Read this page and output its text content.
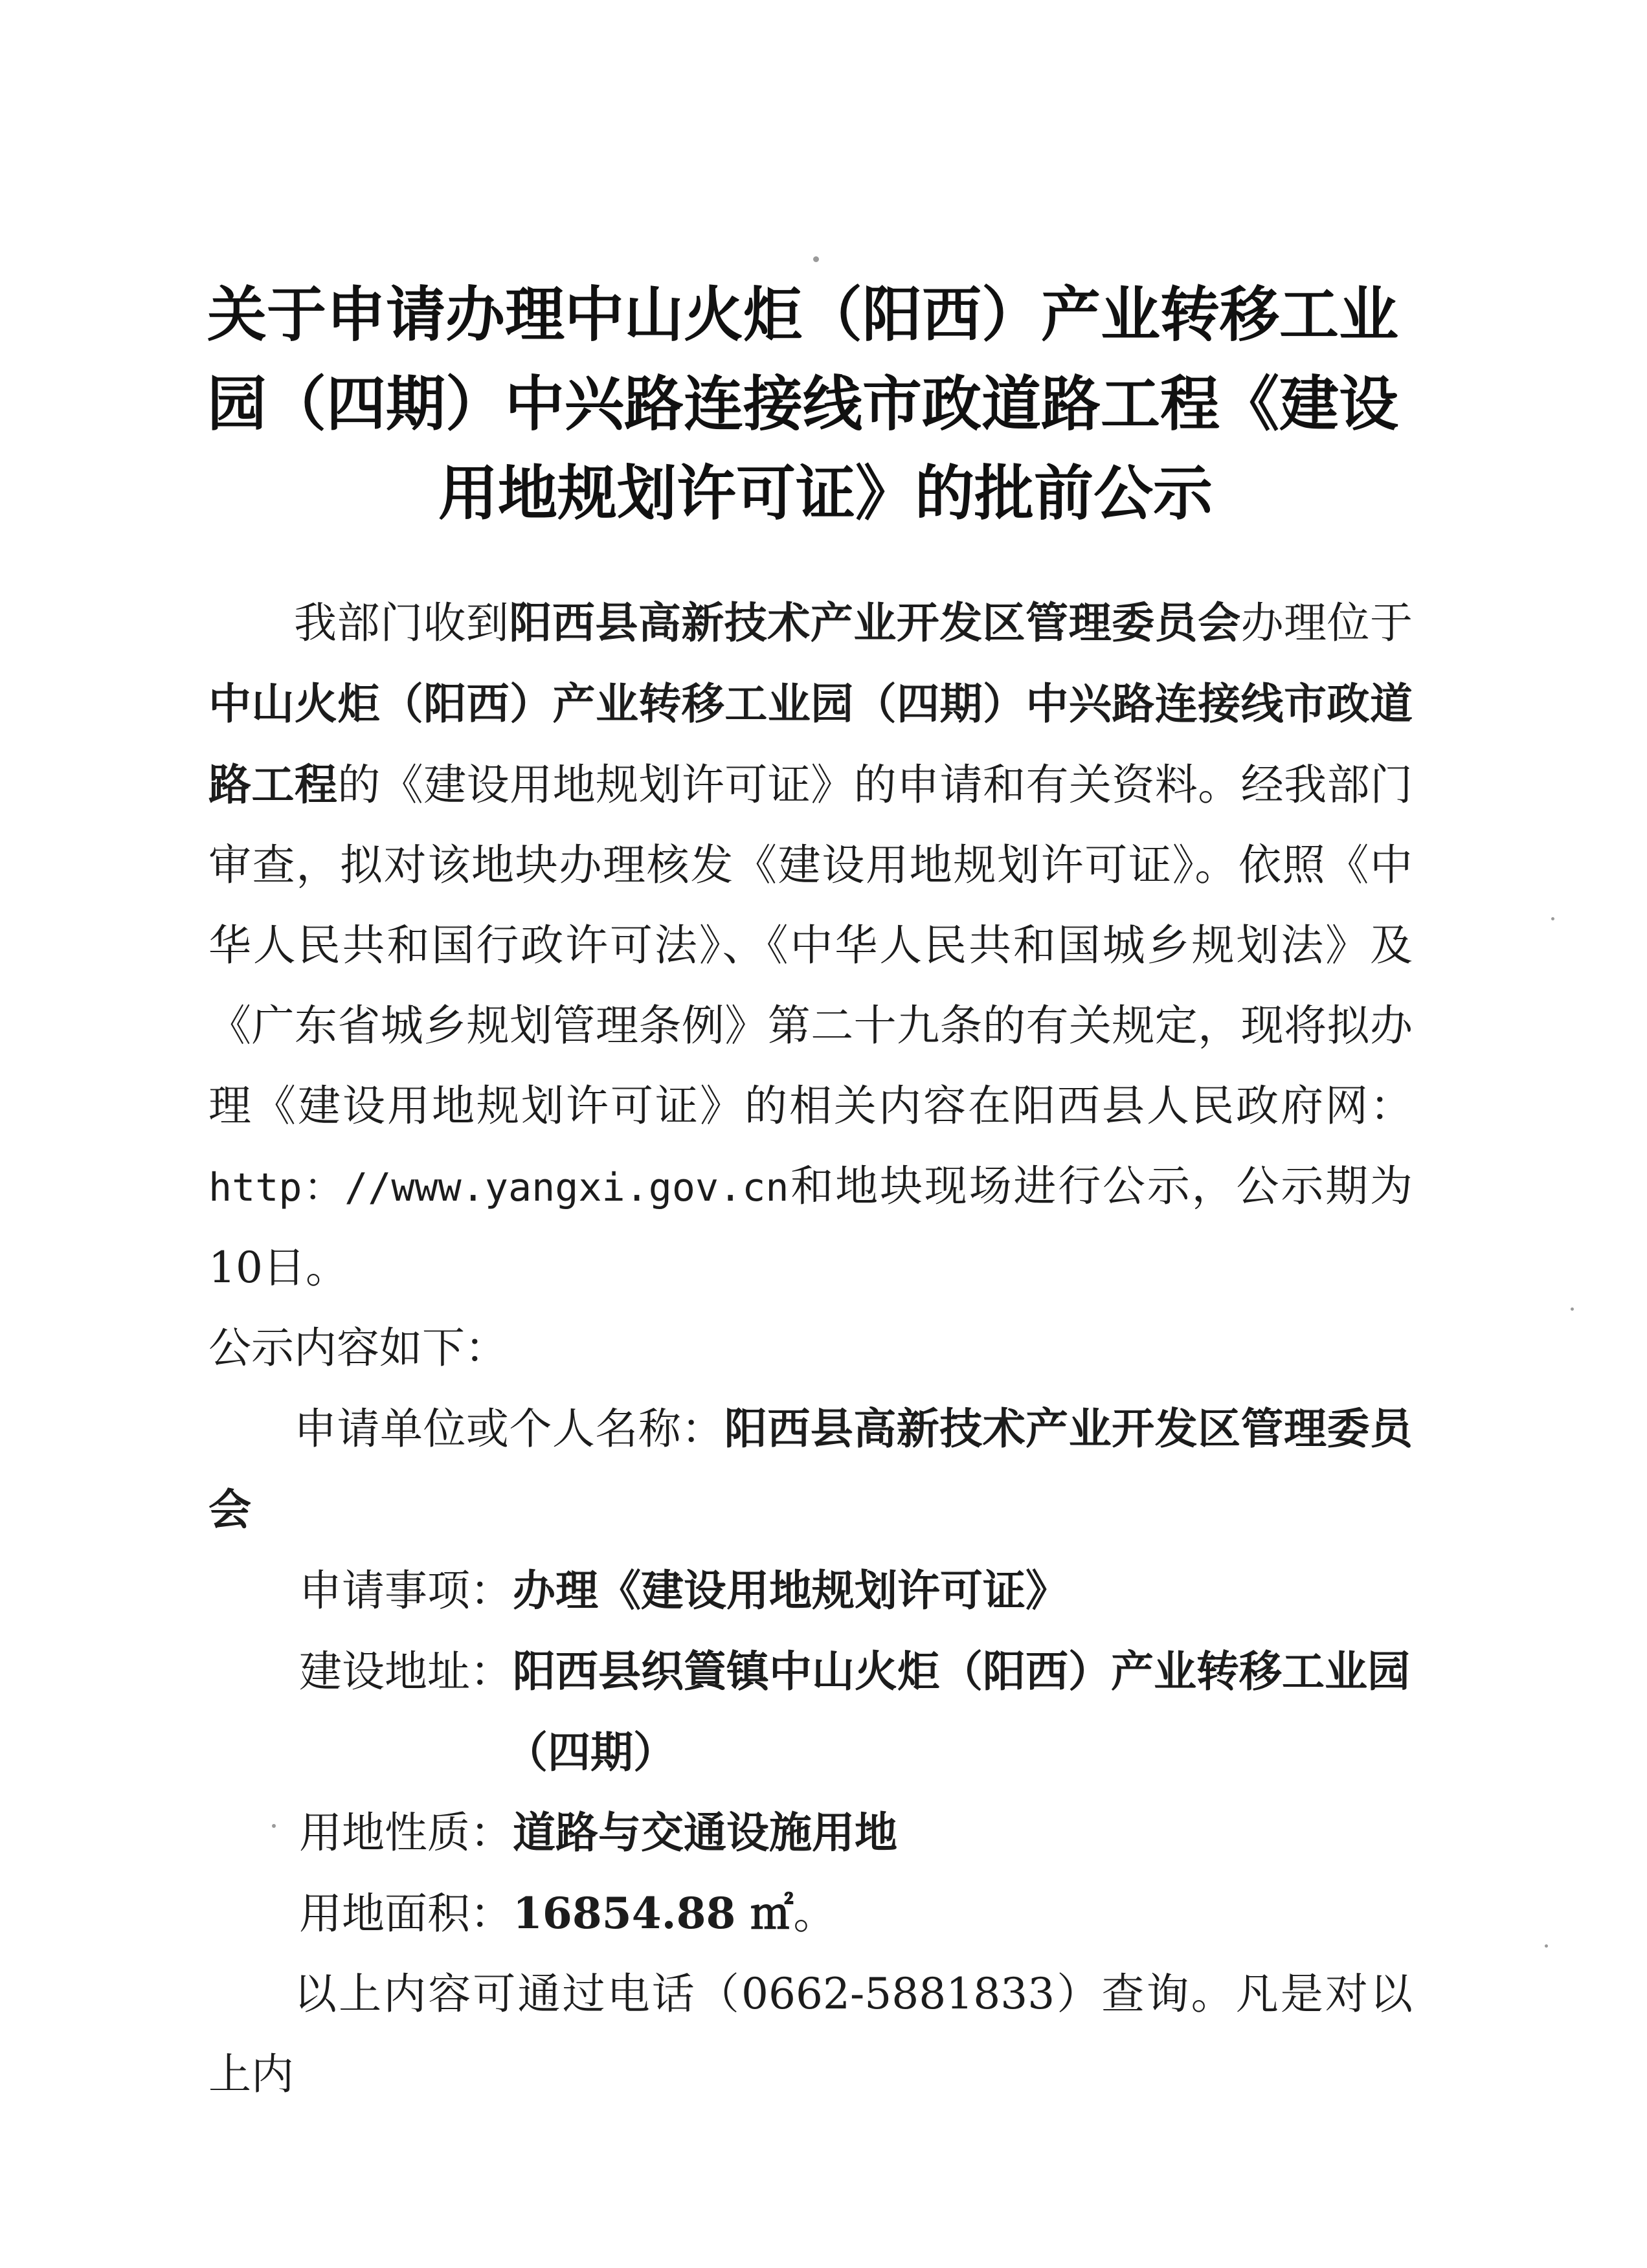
关于申请办理中山火炬（阳西）产业转移工业
园（四期）中兴路连接线市政道路工程《建设
用地规划许可证》的批前公示

我部门收到阳西县高新技术产业开发区管理委员会办理位于中山火炬（阳西）产业转移工业园（四期）中兴路连接线市政道路工程的《建设用地规划许可证》的申请和有关资料。经我部门审查，拟对该地块办理核发《建设用地规划许可证》。依照《中华人民共和国行政许可法》、《中华人民共和国城乡规划法》及《广东省城乡规划管理条例》第二十九条的有关规定，现将拟办理《建设用地规划许可证》的相关内容在阳西县人民政府网：http：//www.yangxi.gov.cn和地块现场进行公示，公示期为10日。

公示内容如下：

申请单位或个人名称：阳西县高新技术产业开发区管理委员会

申请事项：办理《建设用地规划许可证》

建设地址：阳西县织篢镇中山火炬（阳西）产业转移工业园
（四期）

用地性质：道路与交通设施用地

用地面积：16854.88 ㎡。

以上内容可通过电话（0662-5881833）查询。凡是对以上内
